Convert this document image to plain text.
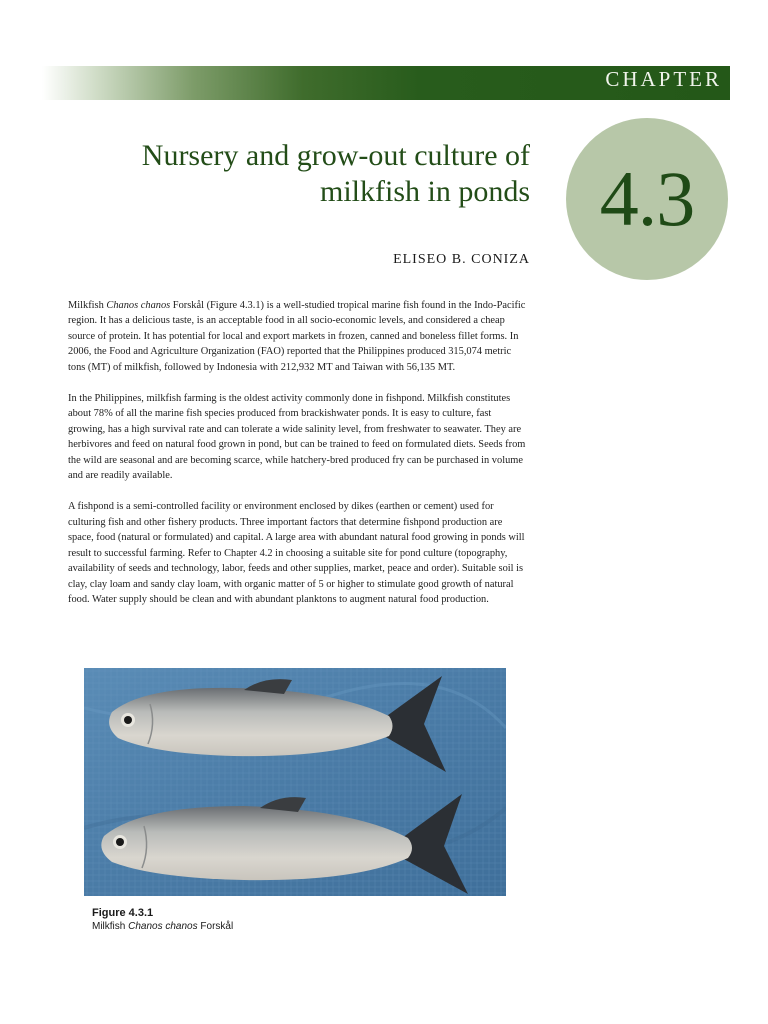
CHAPTER
4.3
Nursery and grow-out culture of
milkfish in ponds
ELISEO B. CONIZA

Milkfish Chanos chanos Forskål (Figure 4.3.1) is a well-studied tropical marine fish found in the Indo-Pacific region. It has a delicious taste, is an acceptable food in all socio-economic levels, and considered a cheap source of protein. It has potential for local and export markets in frozen, canned and boneless fillet forms. In 2006, the Food and Agriculture Organization (FAO) reported that the Philippines produced 315,074 metric tons (MT) of milkfish, followed by Indonesia with 212,932 MT and Taiwan with 56,135 MT.

In the Philippines, milkfish farming is the oldest activity commonly done in fishpond. Milkfish constitutes about 78% of all the marine fish species produced from brackishwater ponds. It is easy to culture, fast growing, has a high survival rate and can tolerate a wide salinity level, from freshwater to seawater. They are herbivores and feed on natural food grown in pond, but can be trained to feed on formulated diets. Seeds from the wild are seasonal and are becoming scarce, while hatchery-bred produced fry can be purchased in volume and are readily available.

A fishpond is a semi-controlled facility or environment enclosed by dikes (earthen or cement) used for culturing fish and other fishery products. Three important factors that determine fishpond production are space, food (natural or formulated) and capital. A large area with abundant natural food growing in ponds will result to successful farming. Refer to Chapter 4.2 in choosing a suitable site for pond culture (topography, availability of seeds and technology, labor, feeds and other supplies, market, peace and order). Suitable soil is clay, clay loam and sandy clay loam, with organic matter of 5 or higher to stimulate good growth of natural food. Water supply should be clean and with abundant planktons to augment natural food production.

Figure 4.3.1
Milkfish Chanos chanos Forskål
